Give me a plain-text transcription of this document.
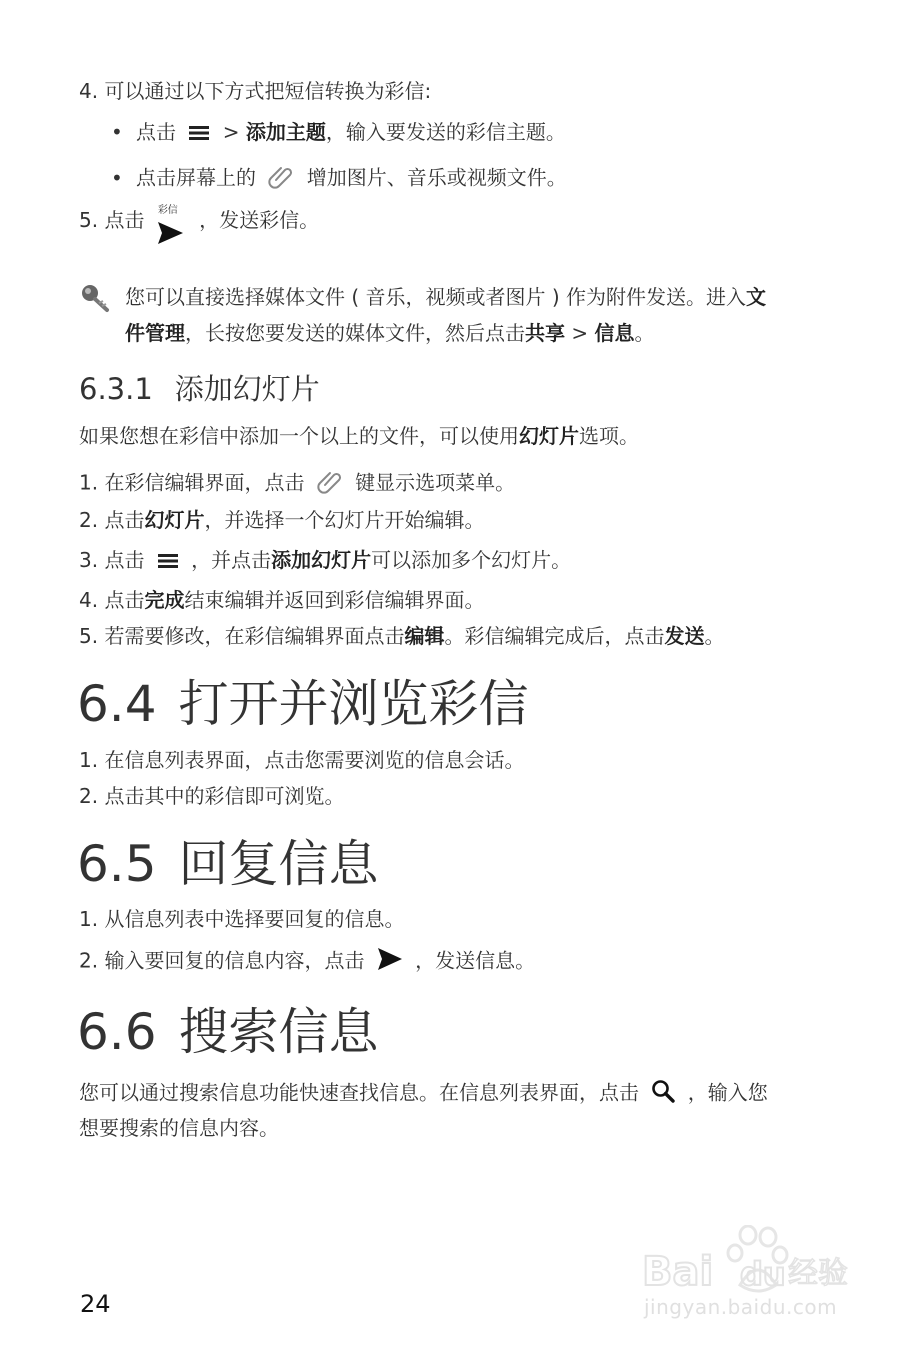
4. 可以通过以下方式把短信转换为彩信:
• 点击 > 添加主题，输入要发送的彩信主题。
• 点击屏幕上的	增加图片、音乐或视频文件。
5. 点击 彩信 ，发送彩信。
您可以直接选择媒体文件 ( 音乐，视频或者图片 ) 作为附件发送。进入文
件管理，长按您要发送的媒体文件，然后点击共享 > 信息。
6.3.1 添加幻灯片
如果您想在彩信中添加一个以上的文件，可以使用幻灯片选项。
1. 在彩信编辑界面，点击	键显示选项菜单。
2. 点击幻灯片，并选择一个幻灯片开始编辑。
3. 点击 ，并点击添加幻灯片可以添加多个幻灯片。
4. 点击完成结束编辑并返回到彩信编辑界面。
5. 若需要修改，在彩信编辑界面点击编辑。彩信编辑完成后，点击发送。
6.4 打开并浏览彩信
1. 在信息列表界面，点击您需要浏览的信息会话。
2. 点击其中的彩信即可浏览。
6.5 回复信息
1. 从信息列表中选择要回复的信息。
2. 输入要回复的信息内容，点击	，发送信息。
6.6 搜索信息
您可以通过搜索信息功能快速查找信息。在信息列表界面，点击 ，输入您
想要搜索的信息内容。
24
Bai du 经验
jingyan.baidu.com
